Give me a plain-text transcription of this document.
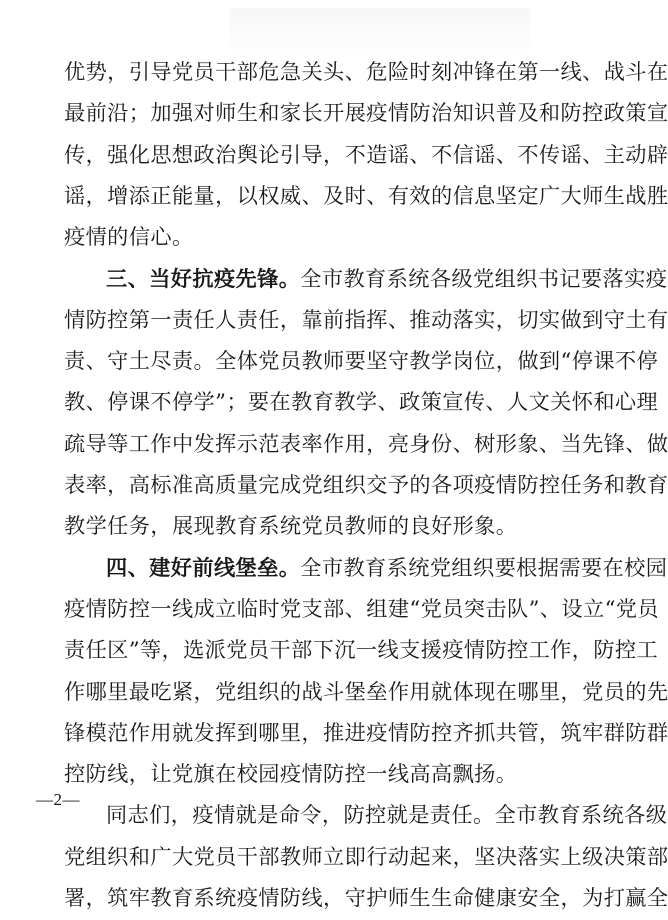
优势，引导党员干部危急关头、危险时刻冲锋在第一线、战斗在
最前沿；加强对师生和家长开展疫情防治知识普及和防控政策宣
传，强化思想政治舆论引导，不造谣、不信谣、不传谣、主动辟
谣，增添正能量，以权威、及时、有效的信息坚定广大师生战胜
疫情的信心。
三、当好抗疫先锋。全市教育系统各级党组织书记要落实疫
情防控第一责任人责任，靠前指挥、推动落实，切实做到守土有
责、守土尽责。全体党员教师要坚守教学岗位，做到“停课不停
教、停课不停学”；要在教育教学、政策宣传、人文关怀和心理
疏导等工作中发挥示范表率作用，亮身份、树形象、当先锋、做
表率，高标准高质量完成党组织交予的各项疫情防控任务和教育
教学任务，展现教育系统党员教师的良好形象。
四、建好前线堡垒。全市教育系统党组织要根据需要在校园
疫情防控一线成立临时党支部、组建“党员突击队”、设立“党员
责任区”等，选派党员干部下沉一线支援疫情防控工作，防控工
作哪里最吃紧，党组织的战斗堡垒作用就体现在哪里，党员的先
锋模范作用就发挥到哪里，推进疫情防控齐抓共管，筑牢群防群
控防线，让党旗在校园疫情防控一线高高飘扬。
同志们，疫情就是命令，防控就是责任。全市教育系统各级
党组织和广大党员干部教师立即行动起来，坚决落实上级决策部
署，筑牢教育系统疫情防线，守护师生生命健康安全，为打赢全
—2—
